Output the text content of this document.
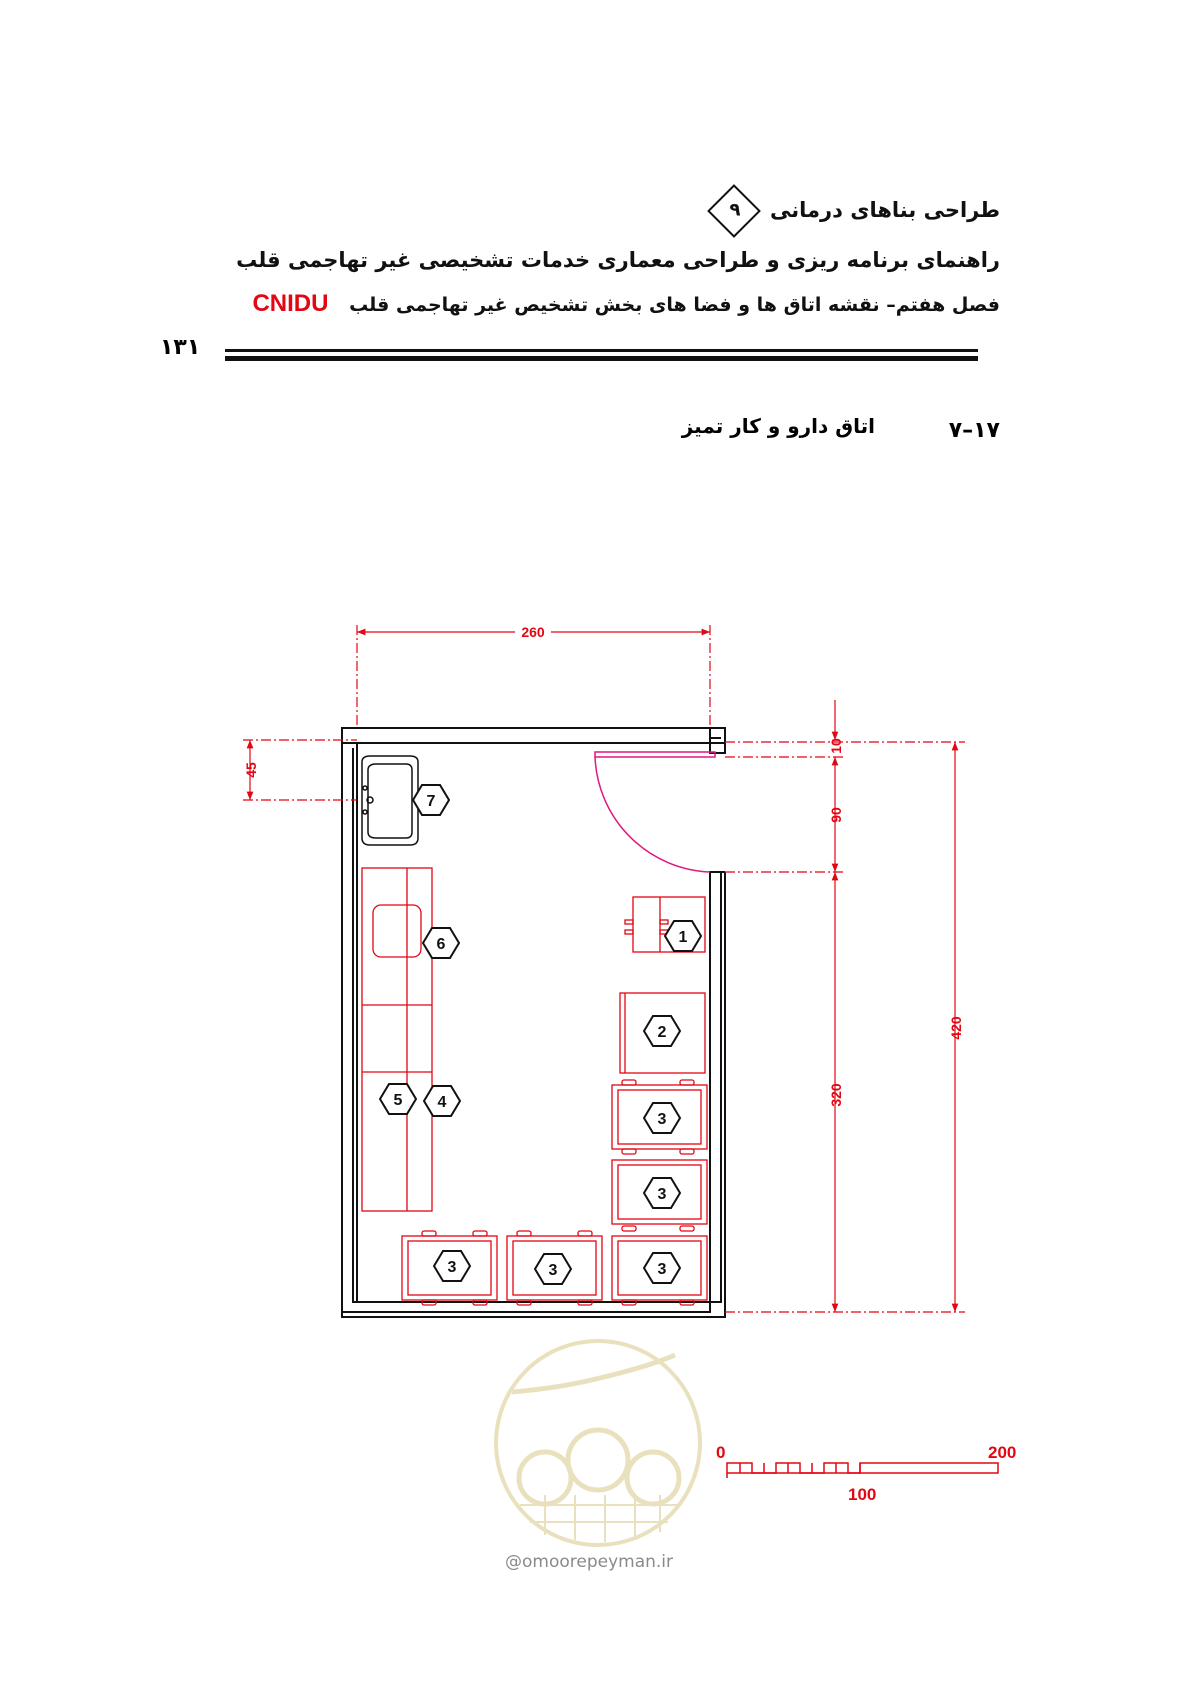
طراحی بناهای درمانی
۹
راهنمای برنامه ریزی و طراحی معماری خدمات تشخیصی غیر تهاجمی قلب
فصل هفتم– نقشه اتاق ها و فضا های بخش تشخیص غیر تهاجمی قلب CNIDU
۱۳۱
۷–۱۷
اتاق دارو و کار تمیز
1
2
3
3
3
3
3
4
5
6
7
260
45
10
90
320
420
0
100
200
@omoorepeyman.ir
